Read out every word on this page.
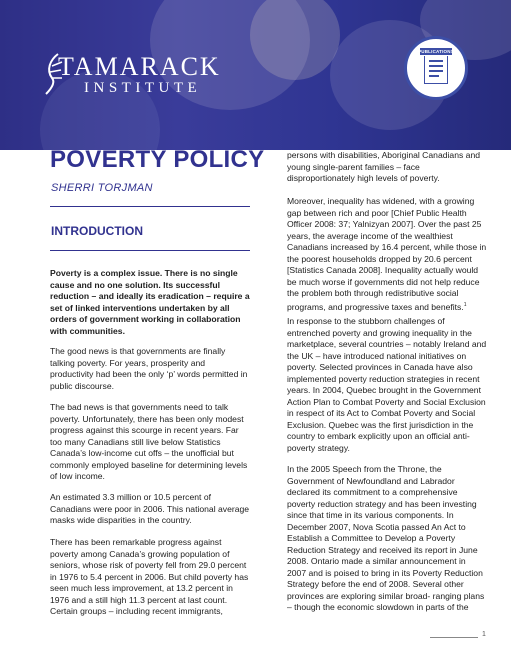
TAMARACK
INSTITUTE
PUBLICATIONS
POVERTY POLICY
SHERRI TORJMAN
INTRODUCTION

Poverty is a complex issue. There is no single cause and no one solution. Its successful reduction – and ideally its eradication – require a set of linked interventions undertaken by all orders of government working in collaboration with communities.

The good news is that governments are finally talking poverty. For years, prosperity and productivity had been the only ‘p’ words permitted in public discourse.

The bad news is that governments need to talk poverty. Unfortunately, there has been only modest progress against this scourge in recent years. Far too many Canadians still live below Statistics Canada’s low-income cut offs – the unofficial but commonly employed baseline for determining levels of low income.

An estimated 3.3 million or 10.5 percent of Canadians were poor in 2006. This national average masks wide disparities in the country.

There has been remarkable progress against poverty among Canada’s growing population of seniors, whose risk of poverty fell from 29.0 percent in 1976 to 5.4 percent in 2006. But child poverty has seen much less improvement, at 13.2 percent in 1976 and a still high 11.3 percent at last count. Certain groups – including recent immigrants,

persons with disabilities, Aboriginal Canadians and young single-parent families – face disproportionately high levels of poverty.

Moreover, inequality has widened, with a growing gap between rich and poor [Chief Public Health Officer 2008: 37; Yalnizyan 2007]. Over the past 25 years, the average income of the wealthiest Canadians increased by 16.4 percent, while those in the poorest households dropped by 20.6 percent [Statistics Canada 2008]. Inequality actually would be much worse if governments did not help reduce the problem both through redistributive social programs, and progressive taxes and benefits.$^1$

In response to the stubborn challenges of entrenched poverty and growing inequality in the marketplace, several countries – notably Ireland and the UK – have introduced national initiatives on poverty. Selected provinces in Canada have also implemented poverty reduction strategies in recent years. In 2004, Quebec brought in the Government Action Plan to Combat Poverty and Social Exclusion in respect of its Act to Combat Poverty and Social Exclusion. Quebec was the first jurisdiction in the country to embark explicitly upon an official anti-poverty strategy.

In the 2005 Speech from the Throne, the Government of Newfoundland and Labrador declared its commitment to a comprehensive poverty reduction strategy and has been investing since that time in its various components. In December 2007, Nova Scotia passed An Act to Establish a Committee to Develop a Poverty Reduction Strategy and received its report in June 2008. Ontario made a similar announcement in 2007 and is poised to bring in its Poverty Reduction Strategy before the end of 2008. Several other provinces are exploring similar broad- ranging plans – though the economic slowdown in parts of the

1
